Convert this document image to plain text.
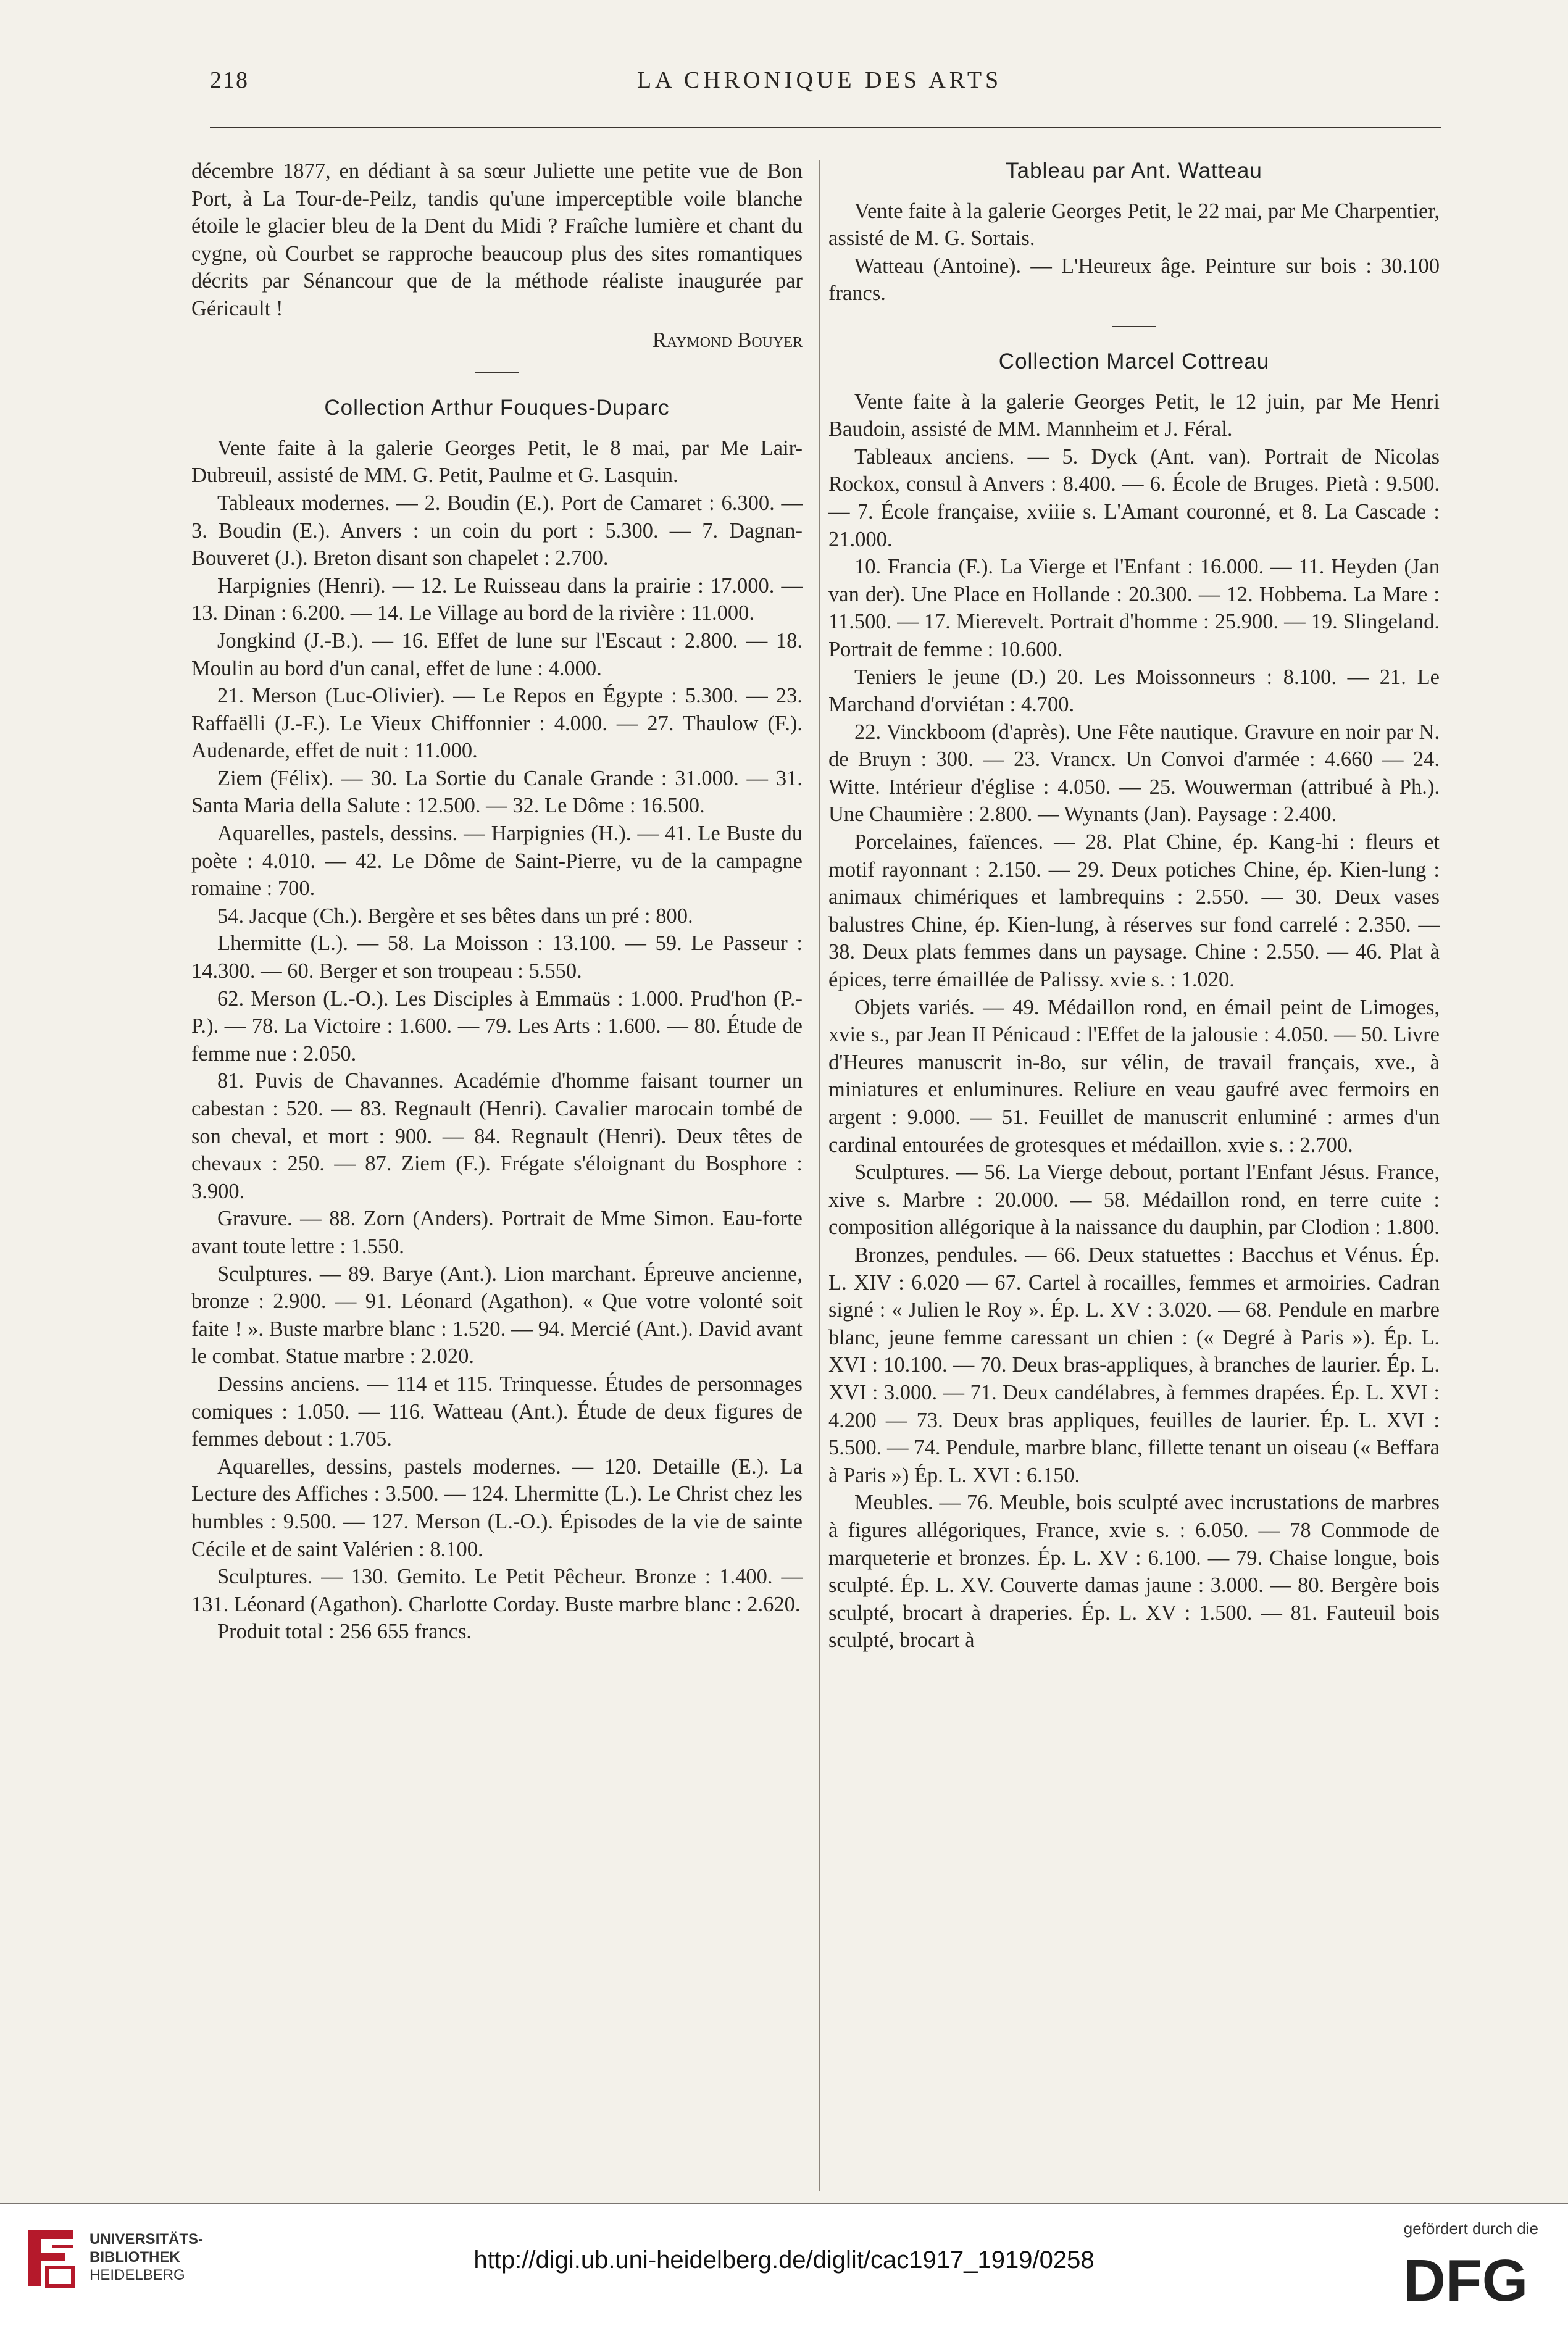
218	LA CHRONIQUE DES ARTS

décembre 1877, en dédiant à sa sœur Juliette une petite vue de Bon Port, à La Tour-de-Peilz, tandis qu'une imperceptible voile blanche étoile le glacier bleu de la Dent du Midi ? Fraîche lumière et chant du cygne, où Courbet se rapproche beaucoup plus des sites romantiques décrits par Sénancour que de la méthode réaliste inaugurée par Géricault !

Raymond Bouyer

Collection Arthur Fouques-Duparc

Vente faite à la galerie Georges Petit, le 8 mai, par Me Lair-Dubreuil, assisté de MM. G. Petit, Paulme et G. Lasquin.

Tableaux modernes. — 2. Boudin (E.). Port de Camaret : 6.300. — 3. Boudin (E.). Anvers : un coin du port : 5.300. — 7. Dagnan-Bouveret (J.). Breton disant son chapelet : 2.700.

Harpignies (Henri). — 12. Le Ruisseau dans la prairie : 17.000. — 13. Dinan : 6.200. — 14. Le Village au bord de la rivière : 11.000.

Jongkind (J.-B.). — 16. Effet de lune sur l'Escaut : 2.800. — 18. Moulin au bord d'un canal, effet de lune : 4.000.

21. Merson (Luc-Olivier). — Le Repos en Égypte : 5.300. — 23. Raffaëlli (J.-F.). Le Vieux Chiffonnier : 4.000. — 27. Thaulow (F.). Audenarde, effet de nuit : 11.000.

Ziem (Félix). — 30. La Sortie du Canale Grande : 31.000. — 31. Santa Maria della Salute : 12.500. — 32. Le Dôme : 16.500.

Aquarelles, pastels, dessins. — Harpignies (H.). — 41. Le Buste du poète : 4.010. — 42. Le Dôme de Saint-Pierre, vu de la campagne romaine : 700.

54. Jacque (Ch.). Bergère et ses bêtes dans un pré : 800.

Lhermitte (L.). — 58. La Moisson : 13.100. — 59. Le Passeur : 14.300. — 60. Berger et son troupeau : 5.550.

62. Merson (L.-O.). Les Disciples à Emmaüs : 1.000. Prud'hon (P.-P.). — 78. La Victoire : 1.600. — 79. Les Arts : 1.600. — 80. Étude de femme nue : 2.050.

81. Puvis de Chavannes. Académie d'homme faisant tourner un cabestan : 520. — 83. Regnault (Henri). Cavalier marocain tombé de son cheval, et mort : 900. — 84. Regnault (Henri). Deux têtes de chevaux : 250. — 87. Ziem (F.). Frégate s'éloignant du Bosphore : 3.900.

Gravure. — 88. Zorn (Anders). Portrait de Mme Simon. Eau-forte avant toute lettre : 1.550.

Sculptures. — 89. Barye (Ant.). Lion marchant. Épreuve ancienne, bronze : 2.900. — 91. Léonard (Agathon). « Que votre volonté soit faite ! ». Buste marbre blanc : 1.520. — 94. Mercié (Ant.). David avant le combat. Statue marbre : 2.020.

Dessins anciens. — 114 et 115. Trinquesse. Études de personnages comiques : 1.050. — 116. Watteau (Ant.). Étude de deux figures de femmes debout : 1.705.

Aquarelles, dessins, pastels modernes. — 120. Detaille (E.). La Lecture des Affiches : 3.500. — 124. Lhermitte (L.). Le Christ chez les humbles : 9.500. — 127. Merson (L.-O.). Épisodes de la vie de sainte Cécile et de saint Valérien : 8.100.

Sculptures. — 130. Gemito. Le Petit Pêcheur. Bronze : 1.400. — 131. Léonard (Agathon). Charlotte Corday. Buste marbre blanc : 2.620.

Produit total : 256 655 francs.

Tableau par Ant. Watteau

Vente faite à la galerie Georges Petit, le 22 mai, par Me Charpentier, assisté de M. G. Sortais.

Watteau (Antoine). — L'Heureux âge. Peinture sur bois : 30.100 francs.

Collection Marcel Cottreau

Vente faite à la galerie Georges Petit, le 12 juin, par Me Henri Baudoin, assisté de MM. Mannheim et J. Féral.

Tableaux anciens. — 5. Dyck (Ant. van). Portrait de Nicolas Rockox, consul à Anvers : 8.400. — 6. École de Bruges. Pietà : 9.500. — 7. École française, xviiie s. L'Amant couronné, et 8. La Cascade : 21.000.

10. Francia (F.). La Vierge et l'Enfant : 16.000. — 11. Heyden (Jan van der). Une Place en Hollande : 20.300. — 12. Hobbema. La Mare : 11.500. — 17. Mierevelt. Portrait d'homme : 25.900. — 19. Slingeland. Portrait de femme : 10.600.

Teniers le jeune (D.) 20. Les Moissonneurs : 8.100. — 21. Le Marchand d'orviétan : 4.700.

22. Vinckboom (d'après). Une Fête nautique. Gravure en noir par N. de Bruyn : 300. — 23. Vrancx. Un Convoi d'armée : 4.660 — 24. Witte. Intérieur d'église : 4.050. — 25. Wouwerman (attribué à Ph.). Une Chaumière : 2.800. — Wynants (Jan). Paysage : 2.400.

Porcelaines, faïences. — 28. Plat Chine, ép. Kang-hi : fleurs et motif rayonnant : 2.150. — 29. Deux potiches Chine, ép. Kien-lung : animaux chimériques et lambrequins : 2.550. — 30. Deux vases balustres Chine, ép. Kien-lung, à réserves sur fond carrelé : 2.350. — 38. Deux plats femmes dans un paysage. Chine : 2.550. — 46. Plat à épices, terre émaillée de Palissy. xvie s. : 1.020.

Objets variés. — 49. Médaillon rond, en émail peint de Limoges, xvie s., par Jean II Pénicaud : l'Effet de la jalousie : 4.050. — 50. Livre d'Heures manuscrit in-8o, sur vélin, de travail français, xve., à miniatures et enluminures. Reliure en veau gaufré avec fermoirs en argent : 9.000. — 51. Feuillet de manuscrit enluminé : armes d'un cardinal entourées de grotesques et médaillon. xvie s. : 2.700.

Sculptures. — 56. La Vierge debout, portant l'Enfant Jésus. France, xive s. Marbre : 20.000. — 58. Médaillon rond, en terre cuite : composition allégorique à la naissance du dauphin, par Clodion : 1.800.

Bronzes, pendules. — 66. Deux statuettes : Bacchus et Vénus. Ép. L. XIV : 6.020 — 67. Cartel à rocailles, femmes et armoiries. Cadran signé : « Julien le Roy ». Ép. L. XV : 3.020. — 68. Pendule en marbre blanc, jeune femme caressant un chien : (« Degré à Paris »). Ép. L. XVI : 10.100. — 70. Deux bras-appliques, à branches de laurier. Ép. L. XVI : 3.000. — 71. Deux candélabres, à femmes drapées. Ép. L. XVI : 4.200 — 73. Deux bras appliques, feuilles de laurier. Ép. L. XVI : 5.500. — 74. Pendule, marbre blanc, fillette tenant un oiseau (« Beffara à Paris ») Ép. L. XVI : 6.150.

Meubles. — 76. Meuble, bois sculpté avec incrustations de marbres à figures allégoriques, France, xvie s. : 6.050. — 78 Commode de marqueterie et bronzes. Ép. L. XV : 6.100. — 79. Chaise longue, bois sculpté. Ép. L. XV. Couverte damas jaune : 3.000. — 80. Bergère bois sculpté, brocart à draperies. Ép. L. XV : 1.500. — 81. Fauteuil bois sculpté, brocart à

UNIVERSITÄTS-
BIBLIOTHEK
HEIDELBERG
http://digi.ub.uni-heidelberg.de/diglit/cac1917_1919/0258
gefördert durch die
DFG
